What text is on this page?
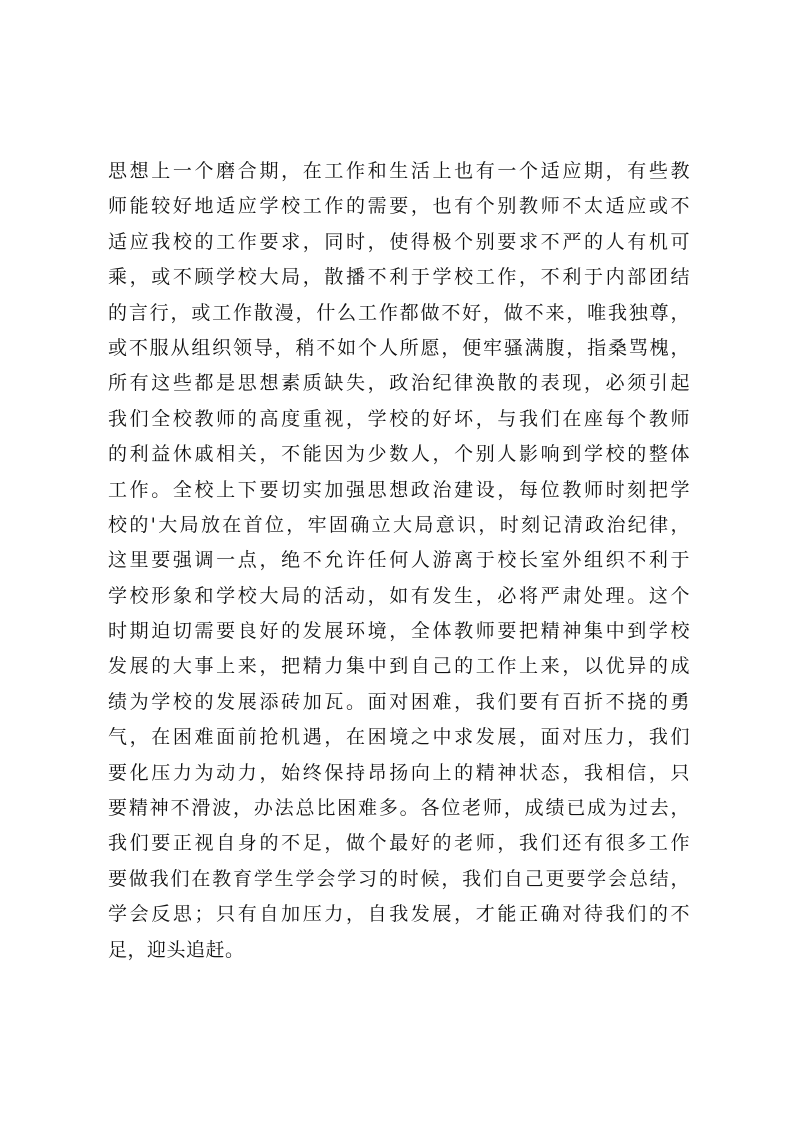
思想上一个磨合期，在工作和生活上也有一个适应期，有些教
师能较好地适应学校工作的需要，也有个别教师不太适应或不
适应我校的工作要求，同时，使得极个别要求不严的人有机可
乘，或不顾学校大局，散播不利于学校工作，不利于内部团结
的言行，或工作散漫，什么工作都做不好，做不来，唯我独尊，
或不服从组织领导，稍不如个人所愿，便牢骚满腹，指桑骂槐，
所有这些都是思想素质缺失，政治纪律涣散的表现，必须引起
我们全校教师的高度重视，学校的好坏，与我们在座每个教师
的利益休戚相关，不能因为少数人，个别人影响到学校的整体
工作。全校上下要切实加强思想政治建设，每位教师时刻把学
校的'大局放在首位，牢固确立大局意识，时刻记清政治纪律，
这里要强调一点，绝不允许任何人游离于校长室外组织不利于
学校形象和学校大局的活动，如有发生，必将严肃处理。这个
时期迫切需要良好的发展环境，全体教师要把精神集中到学校
发展的大事上来，把精力集中到自己的工作上来，以优异的成
绩为学校的发展添砖加瓦。面对困难，我们要有百折不挠的勇
气，在困难面前抢机遇，在困境之中求发展，面对压力，我们
要化压力为动力，始终保持昂扬向上的精神状态，我相信，只
要精神不滑波，办法总比困难多。各位老师，成绩已成为过去，
我们要正视自身的不足，做个最好的老师，我们还有很多工作
要做我们在教育学生学会学习的时候，我们自己更要学会总结，
学会反思；只有自加压力，自我发展，才能正确对待我们的不
足，迎头追赶。
